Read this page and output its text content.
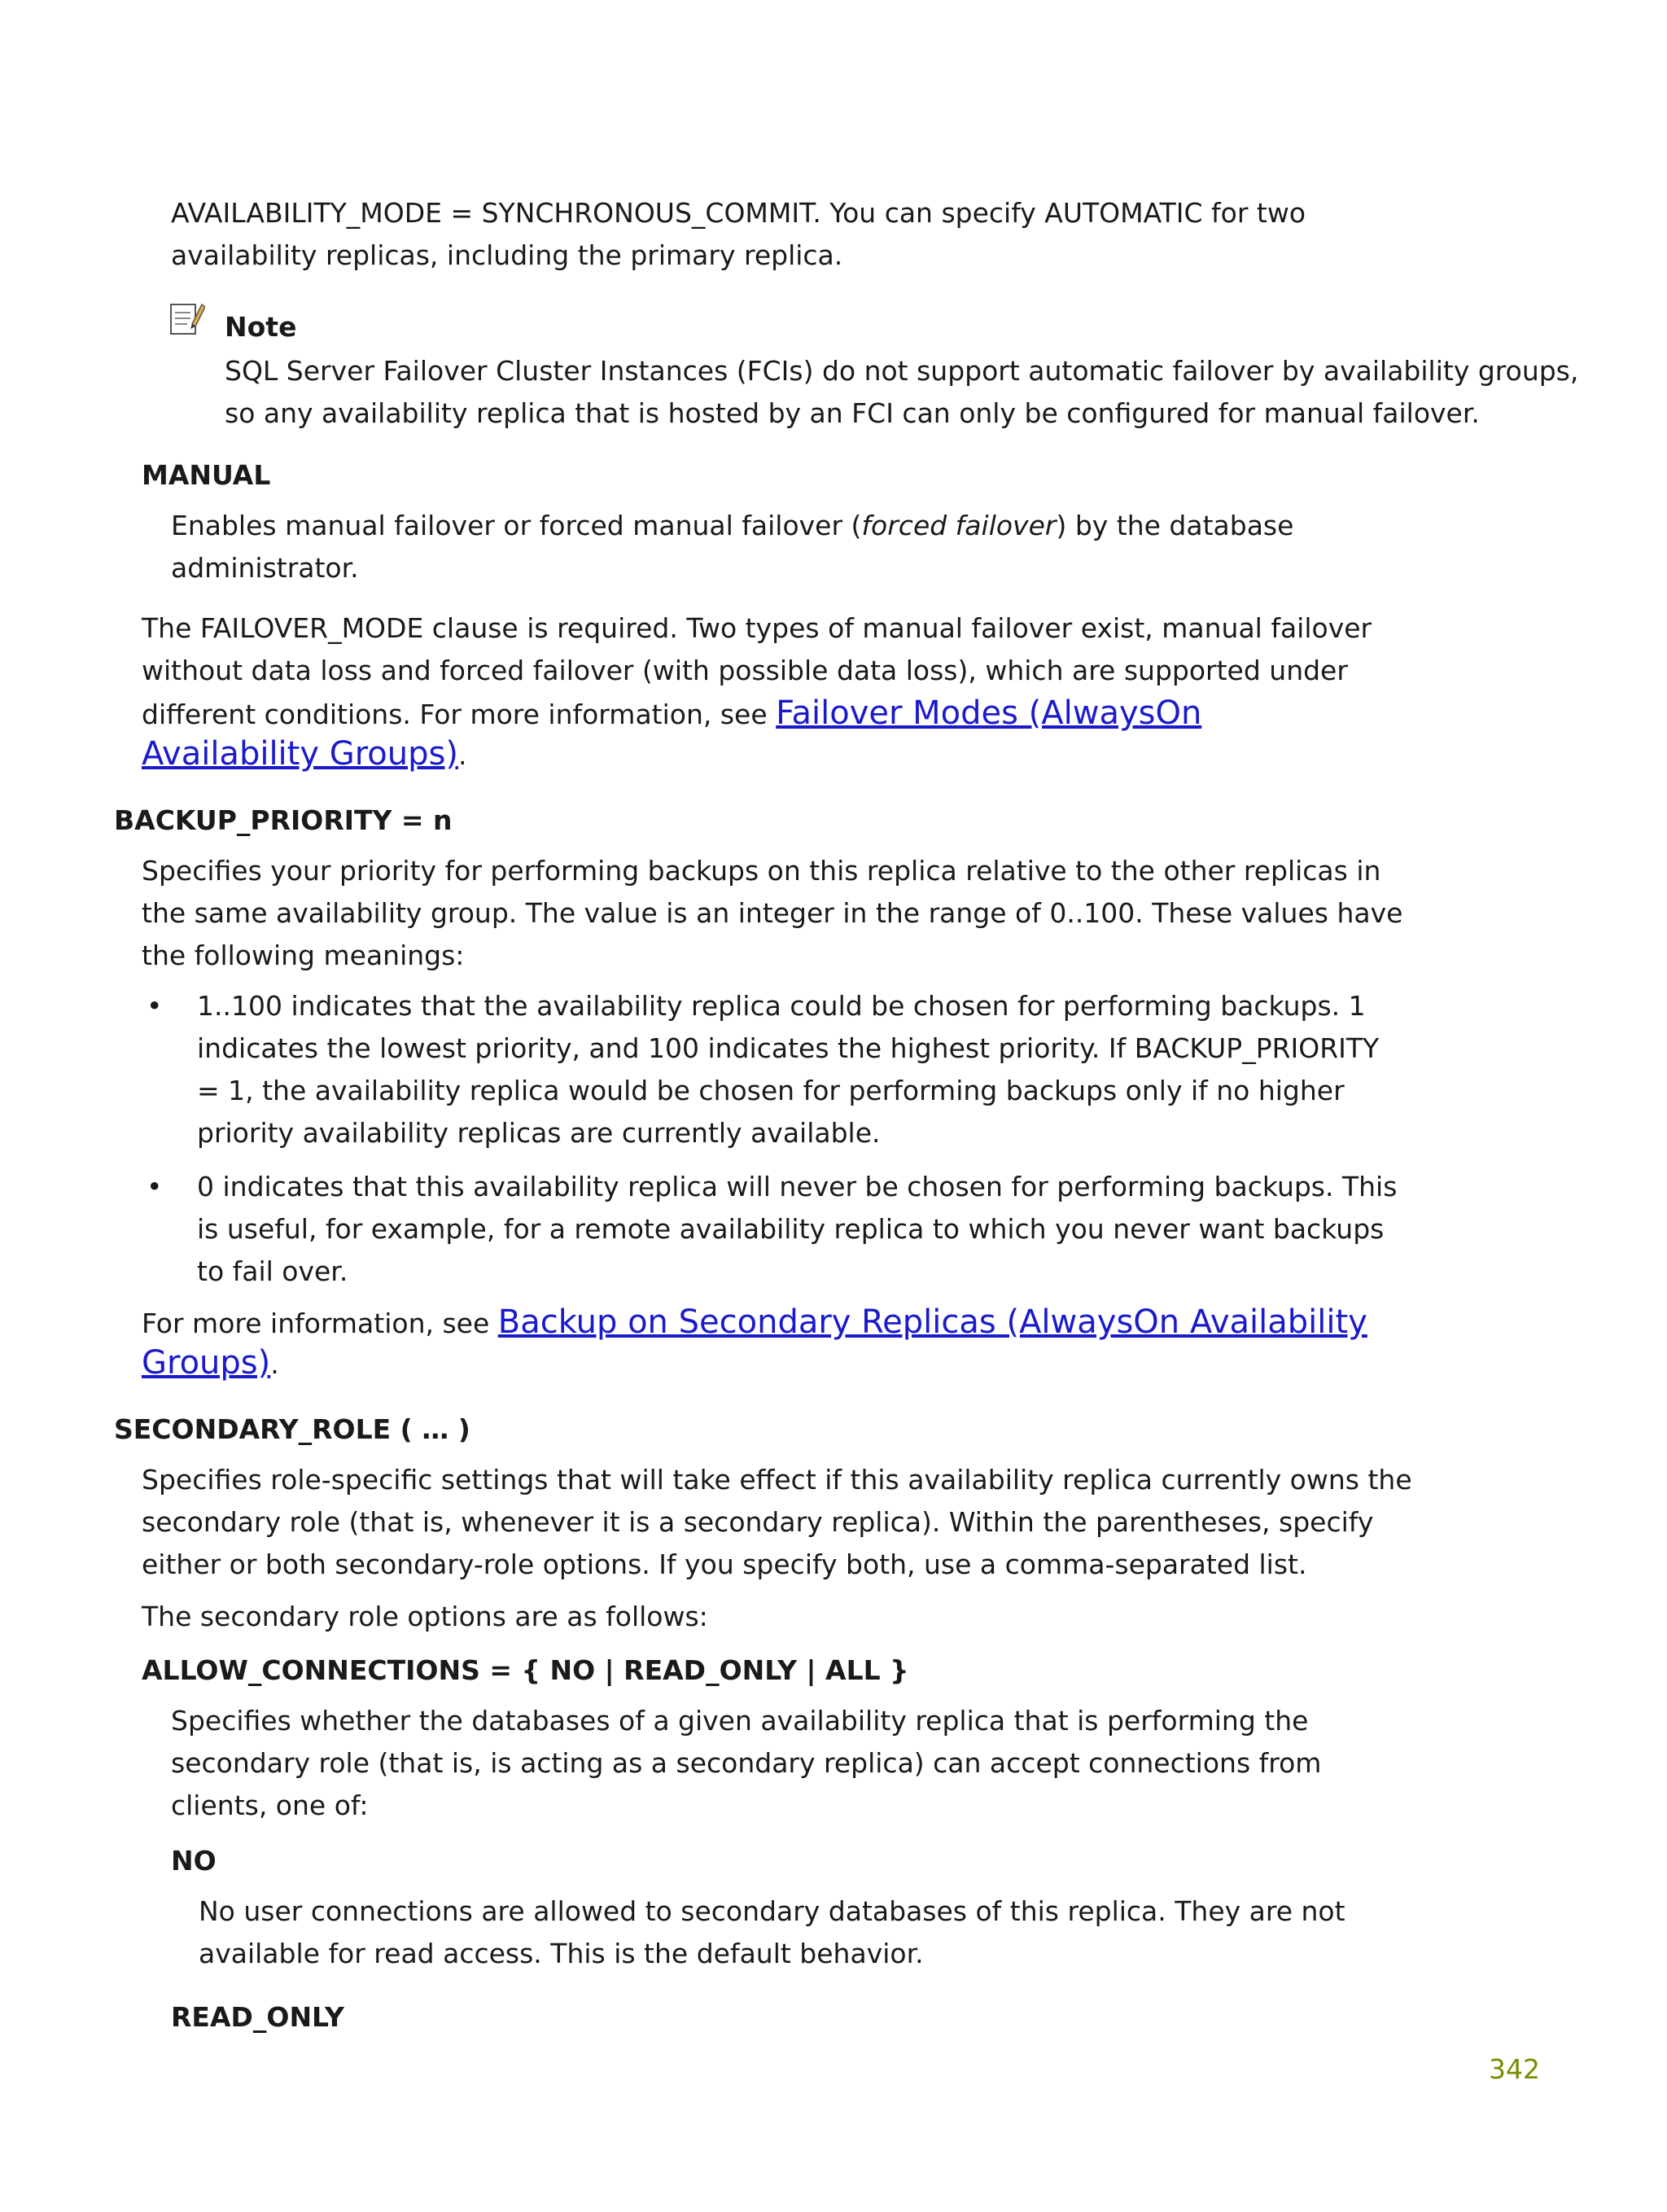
AVAILABILITY_MODE = SYNCHRONOUS_COMMIT. You can specify AUTOMATIC for two

availability replicas, including the primary replica.

Note

SQL Server Failover Cluster Instances (FCIs) do not support automatic failover by availability groups,

so any availability replica that is hosted by an FCI can only be configured for manual failover.

MANUAL

Enables manual failover or forced manual failover (forced failover) by the database

administrator.

The FAILOVER_MODE clause is required. Two types of manual failover exist, manual failover

without data loss and forced failover (with possible data loss), which are supported under

different conditions. For more information, see Failover Modes (AlwaysOn

Availability Groups).

BACKUP_PRIORITY = n

Specifies your priority for performing backups on this replica relative to the other replicas in

the same availability group. The value is an integer in the range of 0..100. These values have

the following meanings:

• 1..100 indicates that the availability replica could be chosen for performing backups. 1

indicates the lowest priority, and 100 indicates the highest priority. If BACKUP_PRIORITY

= 1, the availability replica would be chosen for performing backups only if no higher

priority availability replicas are currently available.

• 0 indicates that this availability replica will never be chosen for performing backups. This

is useful, for example, for a remote availability replica to which you never want backups

to fail over.

For more information, see Backup on Secondary Replicas (AlwaysOn Availability

Groups).

SECONDARY_ROLE ( … )

Specifies role-specific settings that will take effect if this availability replica currently owns the

secondary role (that is, whenever it is a secondary replica). Within the parentheses, specify

either or both secondary-role options. If you specify both, use a comma-separated list.

The secondary role options are as follows:

ALLOW_CONNECTIONS = { NO | READ_ONLY | ALL }

Specifies whether the databases of a given availability replica that is performing the

secondary role (that is, is acting as a secondary replica) can accept connections from

clients, one of:

NO

No user connections are allowed to secondary databases of this replica. They are not

available for read access. This is the default behavior.

READ_ONLY

342
